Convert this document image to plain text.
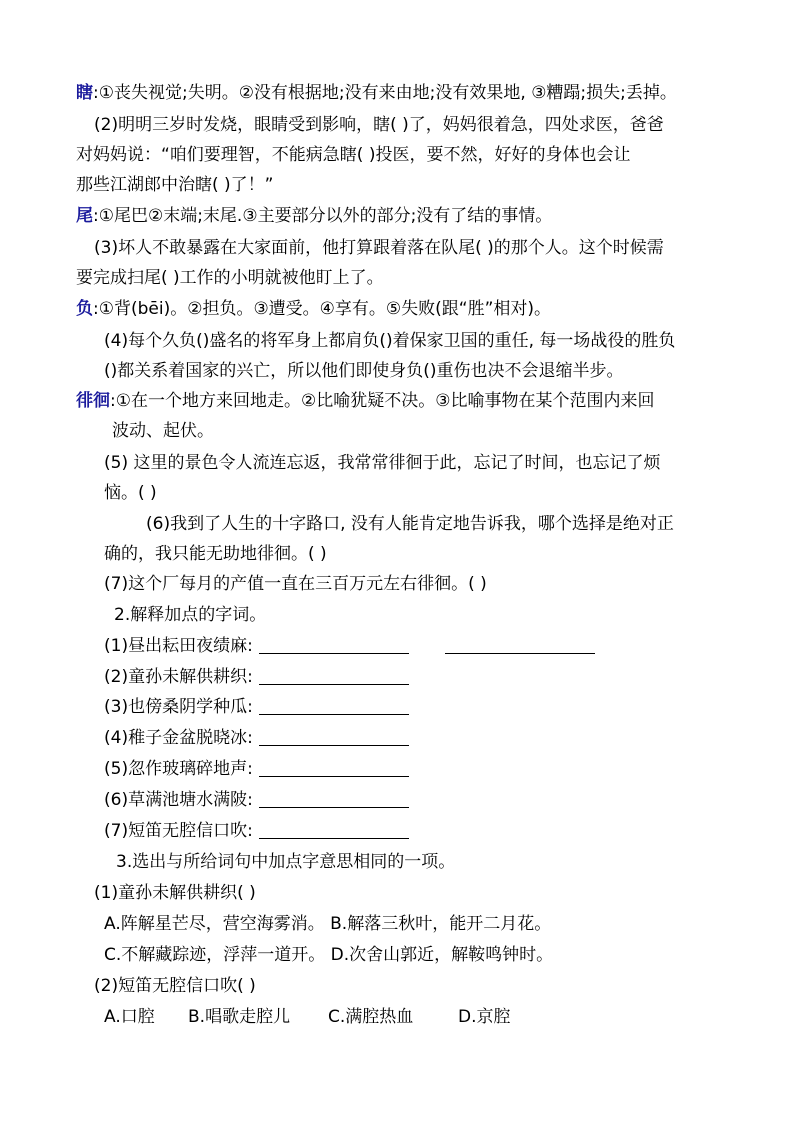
瞎:①丧失视觉;失明。②没有根据地;没有来由地;没有效果地, ③糟蹋;损失;丢掉。
(2)明明三岁时发烧，眼睛受到影响，瞎( )了，妈妈很着急，四处求医，爸爸
对妈妈说：“咱们要理智，不能病急瞎( )投医，要不然，好好的身体也会让
那些江湖郎中治瞎( )了！”
尾:①尾巴②末端;末尾.③主要部分以外的部分;没有了结的事情。
(3)坏人不敢暴露在大家面前，他打算跟着落在队尾( )的那个人。这个时候需
要完成扫尾( )工作的小明就被他盯上了。
负:①背(bēi)。②担负。③遭受。④享有。⑤失败(跟“胜”相对)。
(4)每个久负()盛名的将军身上都肩负()着保家卫国的重任, 每一场战役的胜负
()都关系着国家的兴亡，所以他们即使身负()重伤也决不会退缩半步。
徘徊:①在一个地方来回地走。②比喻犹疑不决。③比喻事物在某个范围内来回
波动、起伏。
(5) 这里的景色令人流连忘返，我常常徘徊于此，忘记了时间，也忘记了烦
恼。( )
(6)我到了人生的十字路口, 没有人能肯定地告诉我，哪个选择是绝对正
确的，我只能无助地徘徊。( )
(7)这个厂每月的产值一直在三百万元左右徘徊。( )
2.解释加点的字词。
(1)昼出耘田夜绩麻:
(2)童孙未解供耕织:
(3)也傍桑阴学种瓜:
(4)稚子金盆脱晓冰:
(5)忽作玻璃碎地声:
(6)草满池塘水满陂:
(7)短笛无腔信口吹:
3.选出与所给词句中加点字意思相同的一项。
(1)童孙未解供耕织( )
A.阵解星芒尽，营空海雾消。 B.解落三秋叶，能开二月花。
C.不解藏踪迹，浮萍一道开。 D.次舍山郭近，解鞍鸣钟时。
(2)短笛无腔信口吹( )
A.口腔 B.唱歌走腔儿 C.满腔热血	D.京腔
